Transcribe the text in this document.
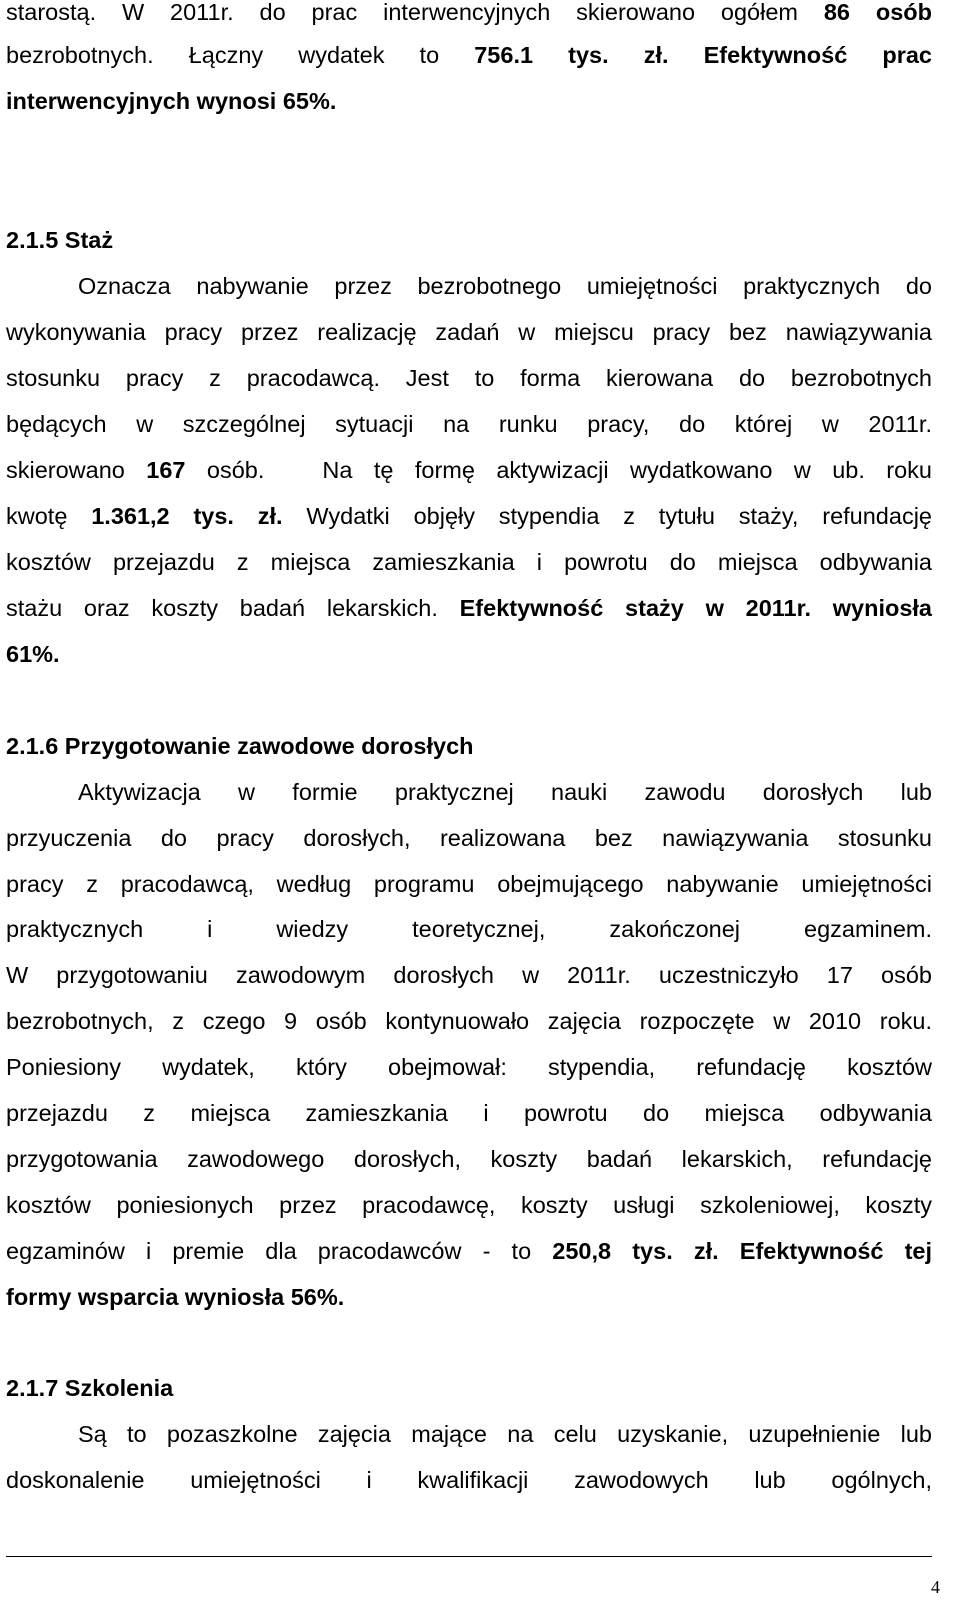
starostą. W 2011r. do prac interwencyjnych skierowano ogółem 86 osób
bezrobotnych. Łączny wydatek to 756.1 tys. zł. Efektywność prac
interwencyjnych wynosi 65%.
2.1.5 Staż
Oznacza nabywanie przez bezrobotnego umiejętności praktycznych do
wykonywania pracy przez realizację zadań w miejscu pracy bez nawiązywania
stosunku pracy z pracodawcą. Jest to forma kierowana do bezrobotnych
będących w szczególnej sytuacji na runku pracy, do której w 2011r.
skierowano 167 osób. Na tę formę aktywizacji wydatkowano w ub. roku
kwotę 1.361,2 tys. zł. Wydatki objęły stypendia z tytułu staży, refundację
kosztów przejazdu z miejsca zamieszkania i powrotu do miejsca odbywania
stażu oraz koszty badań lekarskich. Efektywność staży w 2011r. wyniosła
61%.
2.1.6 Przygotowanie zawodowe dorosłych
Aktywizacja w formie praktycznej nauki zawodu dorosłych lub
przyuczenia do pracy dorosłych, realizowana bez nawiązywania stosunku
pracy z pracodawcą, według programu obejmującego nabywanie umiejętności
praktycznych i wiedzy teoretycznej, zakończonej egzaminem.
W przygotowaniu zawodowym dorosłych w 2011r. uczestniczyło 17 osób
bezrobotnych, z czego 9 osób kontynuowało zajęcia rozpoczęte w 2010 roku.
Poniesiony wydatek, który obejmował: stypendia, refundację kosztów
przejazdu z miejsca zamieszkania i powrotu do miejsca odbywania
przygotowania zawodowego dorosłych, koszty badań lekarskich, refundację
kosztów poniesionych przez pracodawcę, koszty usługi szkoleniowej, koszty
egzaminów i premie dla pracodawców - to 250,8 tys. zł. Efektywność tej
formy wsparcia wyniosła 56%.
2.1.7 Szkolenia
Są to pozaszkolne zajęcia mające na celu uzyskanie, uzupełnienie lub
doskonalenie umiejętności i kwalifikacji zawodowych lub ogólnych,
4
